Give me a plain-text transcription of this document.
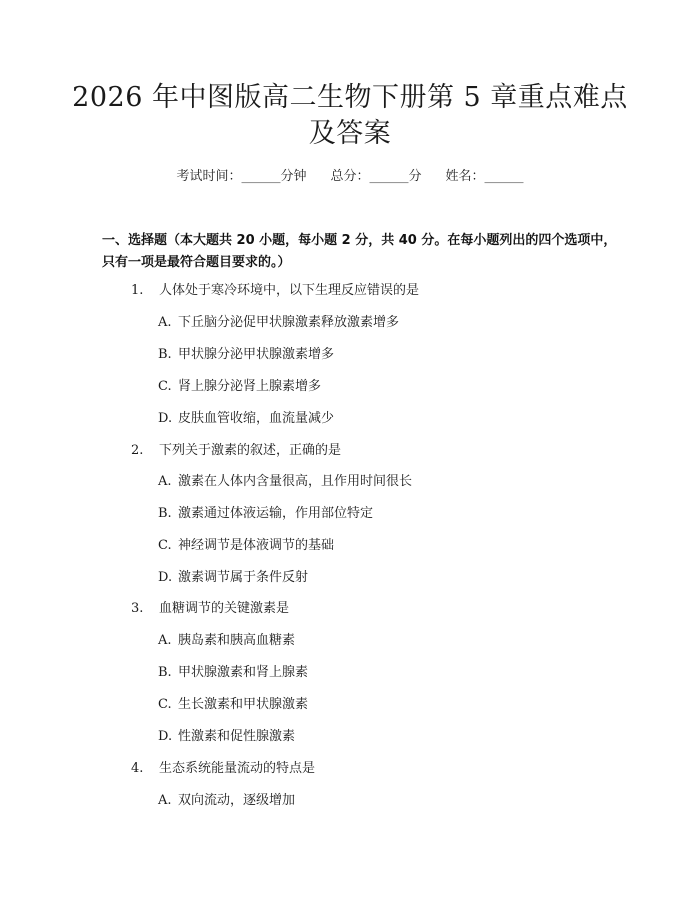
2026 年中图版高二生物下册第 5 章重点难点及答案
考试时间：______分钟 总分：______分 姓名：______
一、选择题（本大题共 20 小题，每小题 2 分，共 40 分。在每小题列出的四个选项中，只有一项是最符合题目要求的。）
1. 人体处于寒冷环境中，以下生理反应错误的是
A. 下丘脑分泌促甲状腺激素释放激素增多
B. 甲状腺分泌甲状腺激素增多
C. 肾上腺分泌肾上腺素增多
D. 皮肤血管收缩，血流量减少
2. 下列关于激素的叙述，正确的是
A. 激素在人体内含量很高，且作用时间很长
B. 激素通过体液运输，作用部位特定
C. 神经调节是体液调节的基础
D. 激素调节属于条件反射
3. 血糖调节的关键激素是
A. 胰岛素和胰高血糖素
B. 甲状腺激素和肾上腺素
C. 生长激素和甲状腺激素
D. 性激素和促性腺激素
4. 生态系统能量流动的特点是
A. 双向流动，逐级增加
